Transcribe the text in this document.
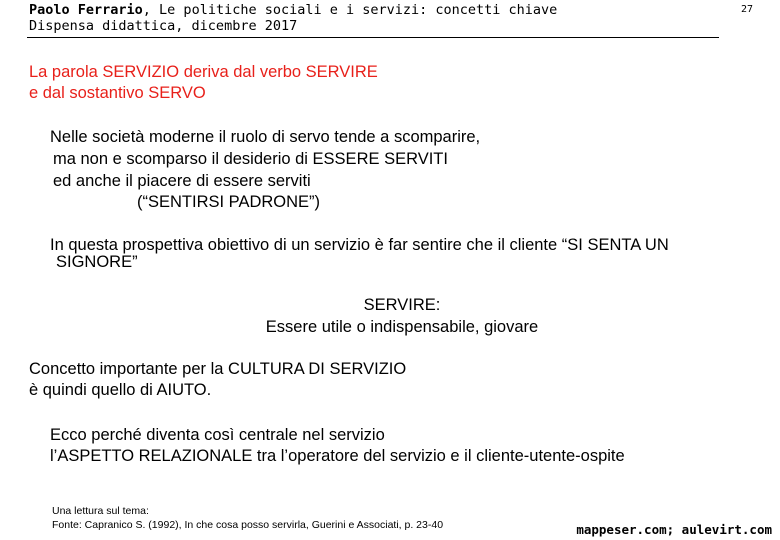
Paolo Ferrario, Le politiche sociali e i servizi: concetti chiave
Dispensa didattica, dicembre 2017
27
La parola SERVIZIO deriva dal verbo SERVIRE
e dal sostantivo SERVO
Nelle società moderne il ruolo di servo tende a scomparire,
ma non e scomparso il desiderio di ESSERE SERVITI
ed anche il piacere di essere serviti
(“SENTIRSI PADRONE”)
In questa prospettiva obiettivo di un servizio è far sentire che il cliente “SI SENTA UN
SIGNORE”
SERVIRE:
Essere utile o indispensabile, giovare
Concetto importante per la CULTURA DI SERVIZIO
è quindi quello di AIUTO.
Ecco perché diventa così centrale nel servizio
l’ASPETTO RELAZIONALE tra l’operatore del servizio e il cliente-utente-ospite
Una lettura sul tema:
Fonte: Capranico S. (1992), In che cosa posso servirla, Guerini e Associati, p. 23-40	mappeser.com; aulevirt.com
